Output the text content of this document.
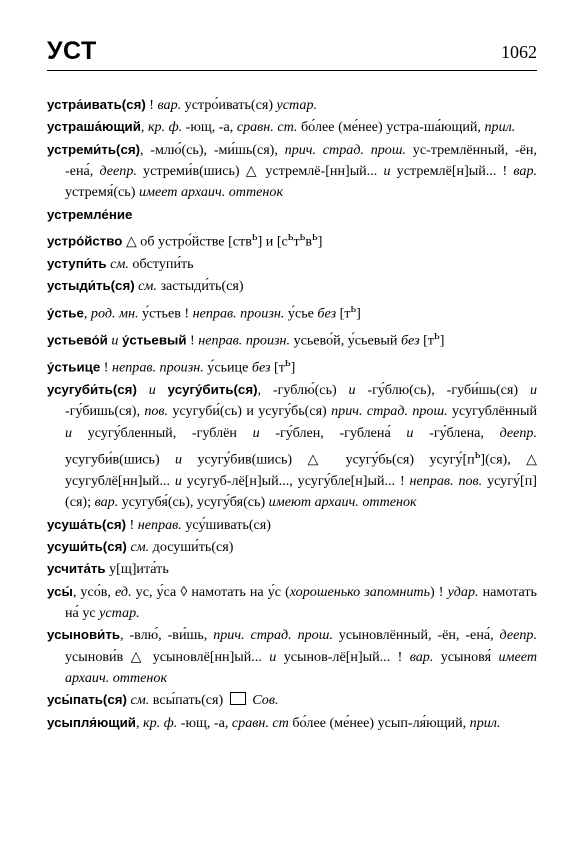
УСТ	1062
устра́ивать(ся) ! вар. устро́ивать(ся) устар.
устраша́ющий, кр. ф. -ющ, -а, сравн. ст. бо́лее (ме́нее) устра-ша́ющий, прил.
устреми́ть(ся), -млю́(сь), -ми́шь(ся), прич. страд. прош. ус-тремлённый, -ён, -ена́, деепр. устреми́в(шись) △ устремлё-[нн]ый... и устремлё[н]ый... ! вар. устремя́(сь) имеет архаич. оттенок
устремле́ние
устро́йство △ об устро́йстве [ств$^ь$] и $[с^ьт^ьв^ь]$
уступи́ть см. обступи́ть
устыди́ть(ся) см. застыди́ть(ся)
у́стье, род. мн. у́стьев ! неправ. произн. у́сье без $[т^ь]$
устьево́й и у́стьевый ! неправ. произн. усьево́й, у́сьевый без $[т^ь]$
у́стьице ! неправ. произн. у́сьице без $[т^ь]$
усугуби́ть(ся) и усугу́бить(ся), -гублю́(сь) и -гу́блю(сь), -губи́шь(ся) и -гу́бишь(ся), пов. усугуби́(сь) и усугу́бь(ся) прич. страд. прош. усугублённый и усугу́бленный, -гублён и -гу́блен, -гублена́ и -гу́блена, деепр. усугуби́в(шись) и усугу́бив(шись) △ усугу́бь(ся) $усугу́[п^ь](ся)$, △ усугублё[нн]ый... и усугуб-лё[н]ый..., усугу́бле[н]ый... ! неправ. пов. усугу́[п](ся); вар. усугубя́(сь), усугу́бя(сь) имеют архаич. оттенок
усуша́ть(ся) ! неправ. усу́шивать(ся)
усуши́ть(ся) см. досуши́ть(ся)
усчита́ть у[щ]ита́ть
усы́, усо́в, ед. ус, у́са ◊ намотать на у́с (хорошенько запомнить) ! удар. намотать на́ ус устар.
усынови́ть, -влю́, -ви́шь, прич. страд. прош. усыновлённый, -ён, -ена́, деепр. усынови́в △ усыновлё[нн]ый... и усынов-лё[н]ый... ! вар. усыновя́ имеет архаич. оттенок
усы́пать(ся) см. всы́пать(ся)  Сов.
усыпля́ющий, кр. ф. -ющ, -а, сравн. ст бо́лее (ме́нее) усып-ля́ющий, прил.
